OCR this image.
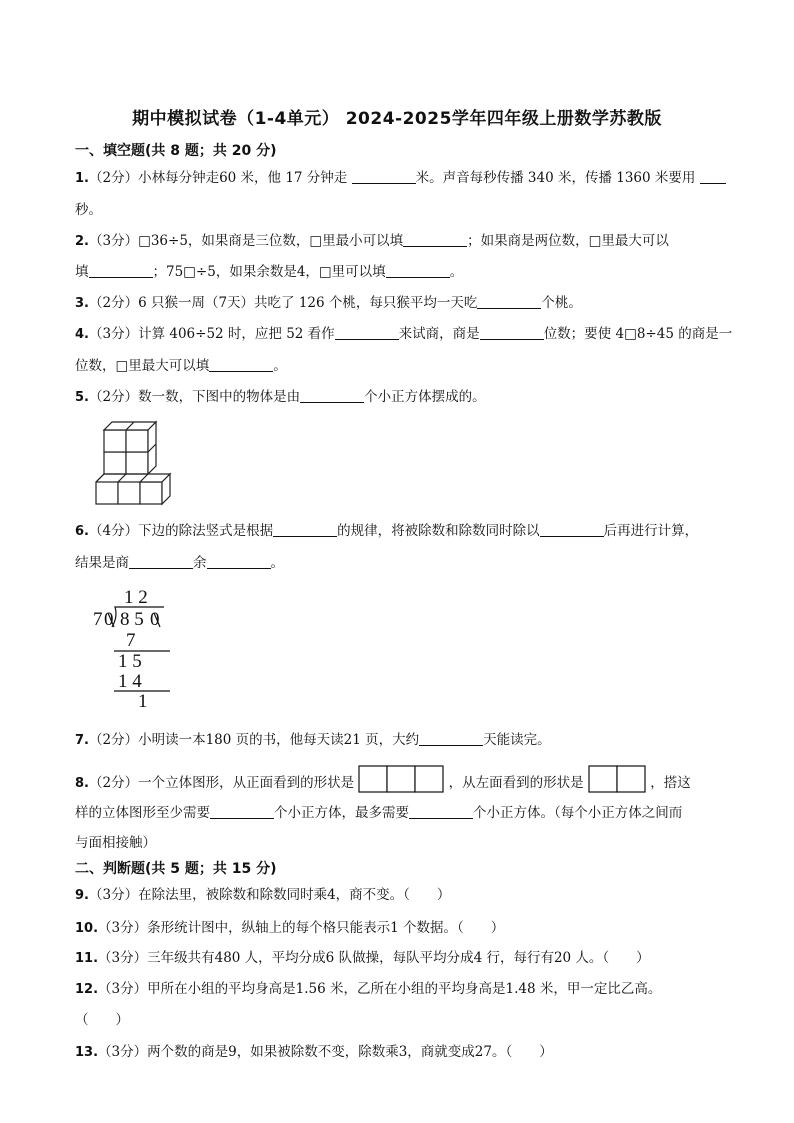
期中模拟试卷（1-4单元） 2024-2025学年四年级上册数学苏教版
一、填空题(共 8 题；共 20 分)
1.（2分）小林每分钟走60 米，他 17 分钟走	米。声音每秒传播 340 米，传播 1360 米要用
秒。
2.（3分）□36÷5，如果商是三位数，□里最小可以填	；如果商是两位数，□里最大可以
填	；75□÷5，如果余数是4，□里可以填	。
3.（2分）6 只猴一周（7天）共吃了 126 个桃，每只猴平均一天吃	个桃。
4.（3分）计算 406÷52 时，应把 52 看作	来试商，商是	位数；要使 4□8÷45 的商是一
位数，□里最大可以填	。
5.（2分）数一数，下图中的物体是由	个小正方体摆成的。
6.（4分）下边的除法竖式是根据	的规律，将被除数和除数同时除以	后再进行计算，
结果是商	余	。
1 2
7 0 8 5 0
7
1 5
1 4
1
7.（2分）小明读一本180 页的书，他每天读21 页，大约	天能读完。
8.（2分）一个立体图形，从正面看到的形状是	，从左面看到的形状是	，搭这
样的立体图形至少需要	个小正方体，最多需要	个小正方体。（每个小正方体之间而
与面相接触）
二、判断题(共 5 题；共 15 分)
9.（3分）在除法里，被除数和除数同时乘4，商不变。（　　）
10.（3分）条形统计图中，纵轴上的每个格只能表示1 个数据。（　　）
11.（3分）三年级共有480 人，平均分成6 队做操，每队平均分成4 行，每行有20 人。（　　）
12.（3分）甲所在小组的平均身高是1.56 米，乙所在小组的平均身高是1.48 米，甲一定比乙高。
（　　）
13.（3分）两个数的商是9，如果被除数不变，除数乘3，商就变成27。（　　）
